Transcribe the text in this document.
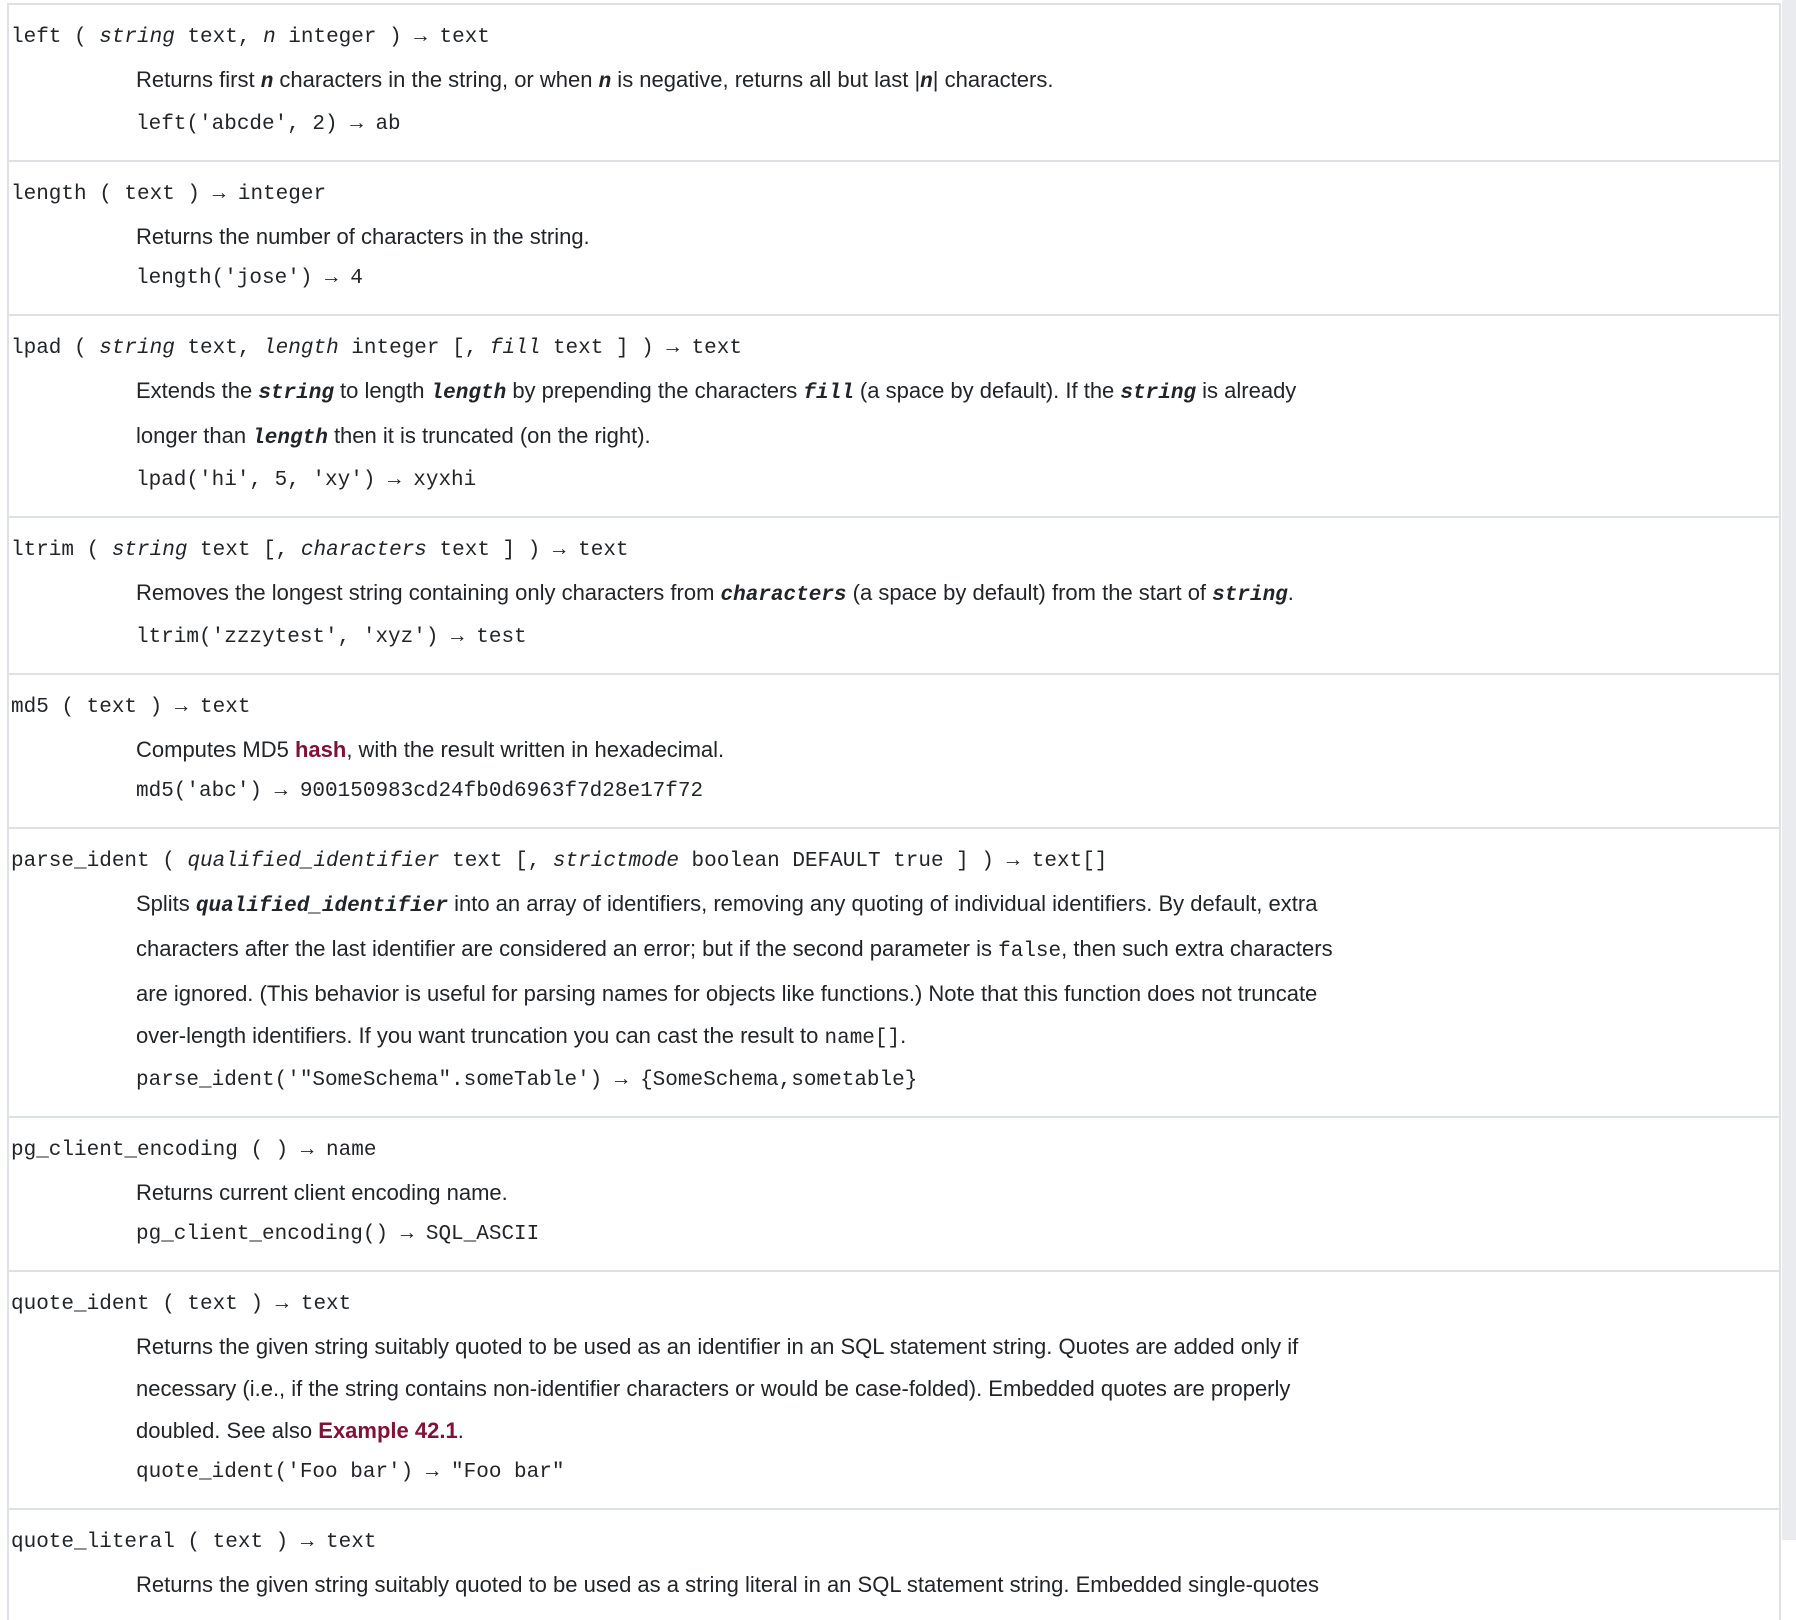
left ( string text, n integer ) → text
Returns first n characters in the string, or when n is negative, returns all but last |n| characters.
left('abcde', 2) → ab
length ( text ) → integer
Returns the number of characters in the string.
length('jose') → 4
lpad ( string text, length integer [, fill text ] ) → text
Extends the string to length length by prepending the characters fill (a space by default). If the string is already
longer than length then it is truncated (on the right).
lpad('hi', 5, 'xy') → xyxhi
ltrim ( string text [, characters text ] ) → text
Removes the longest string containing only characters from characters (a space by default) from the start of string.
ltrim('zzzytest', 'xyz') → test
md5 ( text ) → text
Computes MD5 hash, with the result written in hexadecimal.
md5('abc') → 900150983cd24fb0d6963f7d28e17f72
parse_ident ( qualified_identifier text [, strictmode boolean DEFAULT true ] ) → text[]
Splits qualified_identifier into an array of identifiers, removing any quoting of individual identifiers. By default, extra
characters after the last identifier are considered an error; but if the second parameter is false, then such extra characters
are ignored. (This behavior is useful for parsing names for objects like functions.) Note that this function does not truncate
over-length identifiers. If you want truncation you can cast the result to name[].
parse_ident('"SomeSchema".someTable') → {SomeSchema,sometable}
pg_client_encoding ( ) → name
Returns current client encoding name.
pg_client_encoding() → SQL_ASCII
quote_ident ( text ) → text
Returns the given string suitably quoted to be used as an identifier in an SQL statement string. Quotes are added only if
necessary (i.e., if the string contains non-identifier characters or would be case-folded). Embedded quotes are properly
doubled. See also Example 42.1.
quote_ident('Foo bar') → "Foo bar"
quote_literal ( text ) → text
Returns the given string suitably quoted to be used as a string literal in an SQL statement string. Embedded single-quotes
